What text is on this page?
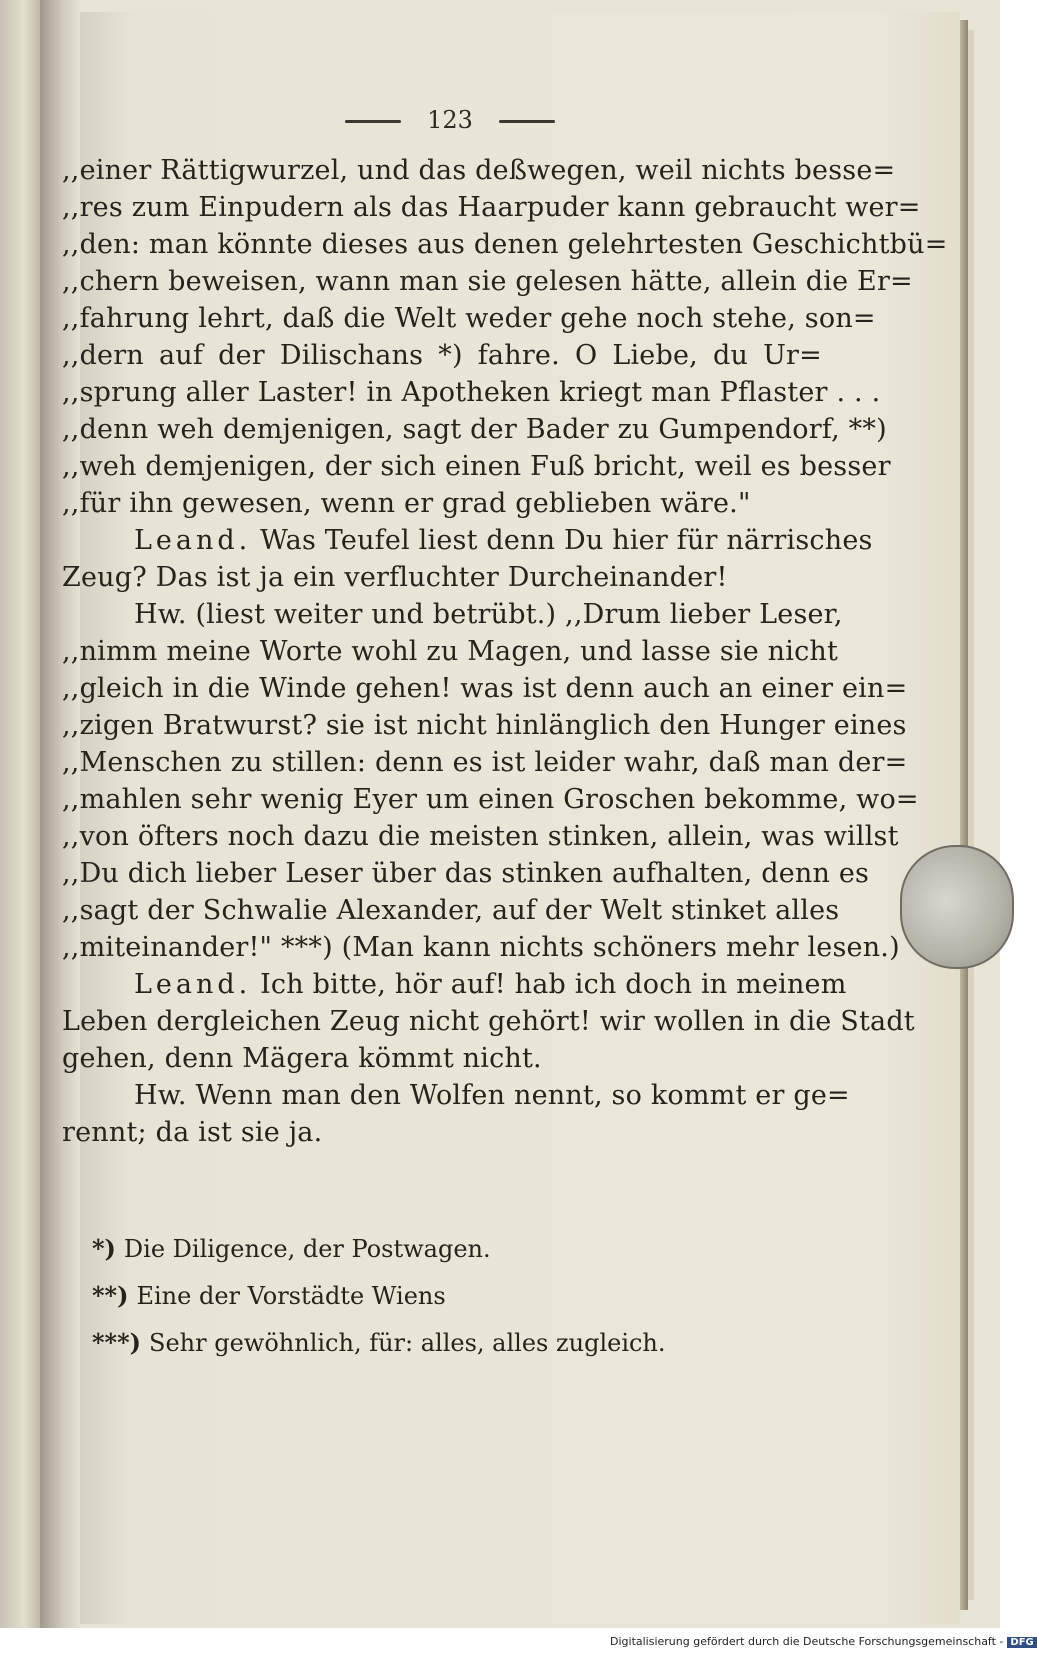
123
,,einer Rättigwurzel, und das deßwegen, weil nichts besse=
,,res zum Einpudern als das Haarpuder kann gebraucht wer=
,,den: man könnte dieses aus denen gelehrtesten Geschichtbü=
,,chern beweisen, wann man sie gelesen hätte, allein die Er=
,,fahrung lehrt, daß die Welt weder gehe noch stehe, son=
,,dern auf der Dilischans *) fahre. O Liebe, du Ur=
,,sprung aller Laster! in Apotheken kriegt man Pflaster . . .
,,denn weh demjenigen, sagt der Bader zu Gumpendorf, **)
,,weh demjenigen, der sich einen Fuß bricht, weil es besser
,,für ihn gewesen, wenn er grad geblieben wäre."
Leand. Was Teufel liest denn Du hier für närrisches
Zeug? Das ist ja ein verfluchter Durcheinander!
Hw. (liest weiter und betrübt.) ,,Drum lieber Leser,
,,nimm meine Worte wohl zu Magen, und lasse sie nicht
,,gleich in die Winde gehen! was ist denn auch an einer ein=
,,zigen Bratwurst? sie ist nicht hinlänglich den Hunger eines
,,Menschen zu stillen: denn es ist leider wahr, daß man der=
,,mahlen sehr wenig Eyer um einen Groschen bekomme, wo=
,,von öfters noch dazu die meisten stinken, allein, was willst
,,Du dich lieber Leser über das stinken aufhalten, denn es
,,sagt der Schwalie Alexander, auf der Welt stinket alles
,,miteinander!" ***) (Man kann nichts schöners mehr lesen.)
Leand. Ich bitte, hör auf! hab ich doch in meinem
Leben dergleichen Zeug nicht gehört! wir wollen in die Stadt
gehen, denn Mägera kömmt nicht.
Hw. Wenn man den Wolfen nennt, so kommt er ge=
rennt; da ist sie ja.
*) Die Diligence, der Postwagen.
**) Eine der Vorstädte Wiens
***) Sehr gewöhnlich, für: alles, alles zugleich.
Digitalisierung gefördert durch die Deutsche Forschungsgemeinschaft - DFG
